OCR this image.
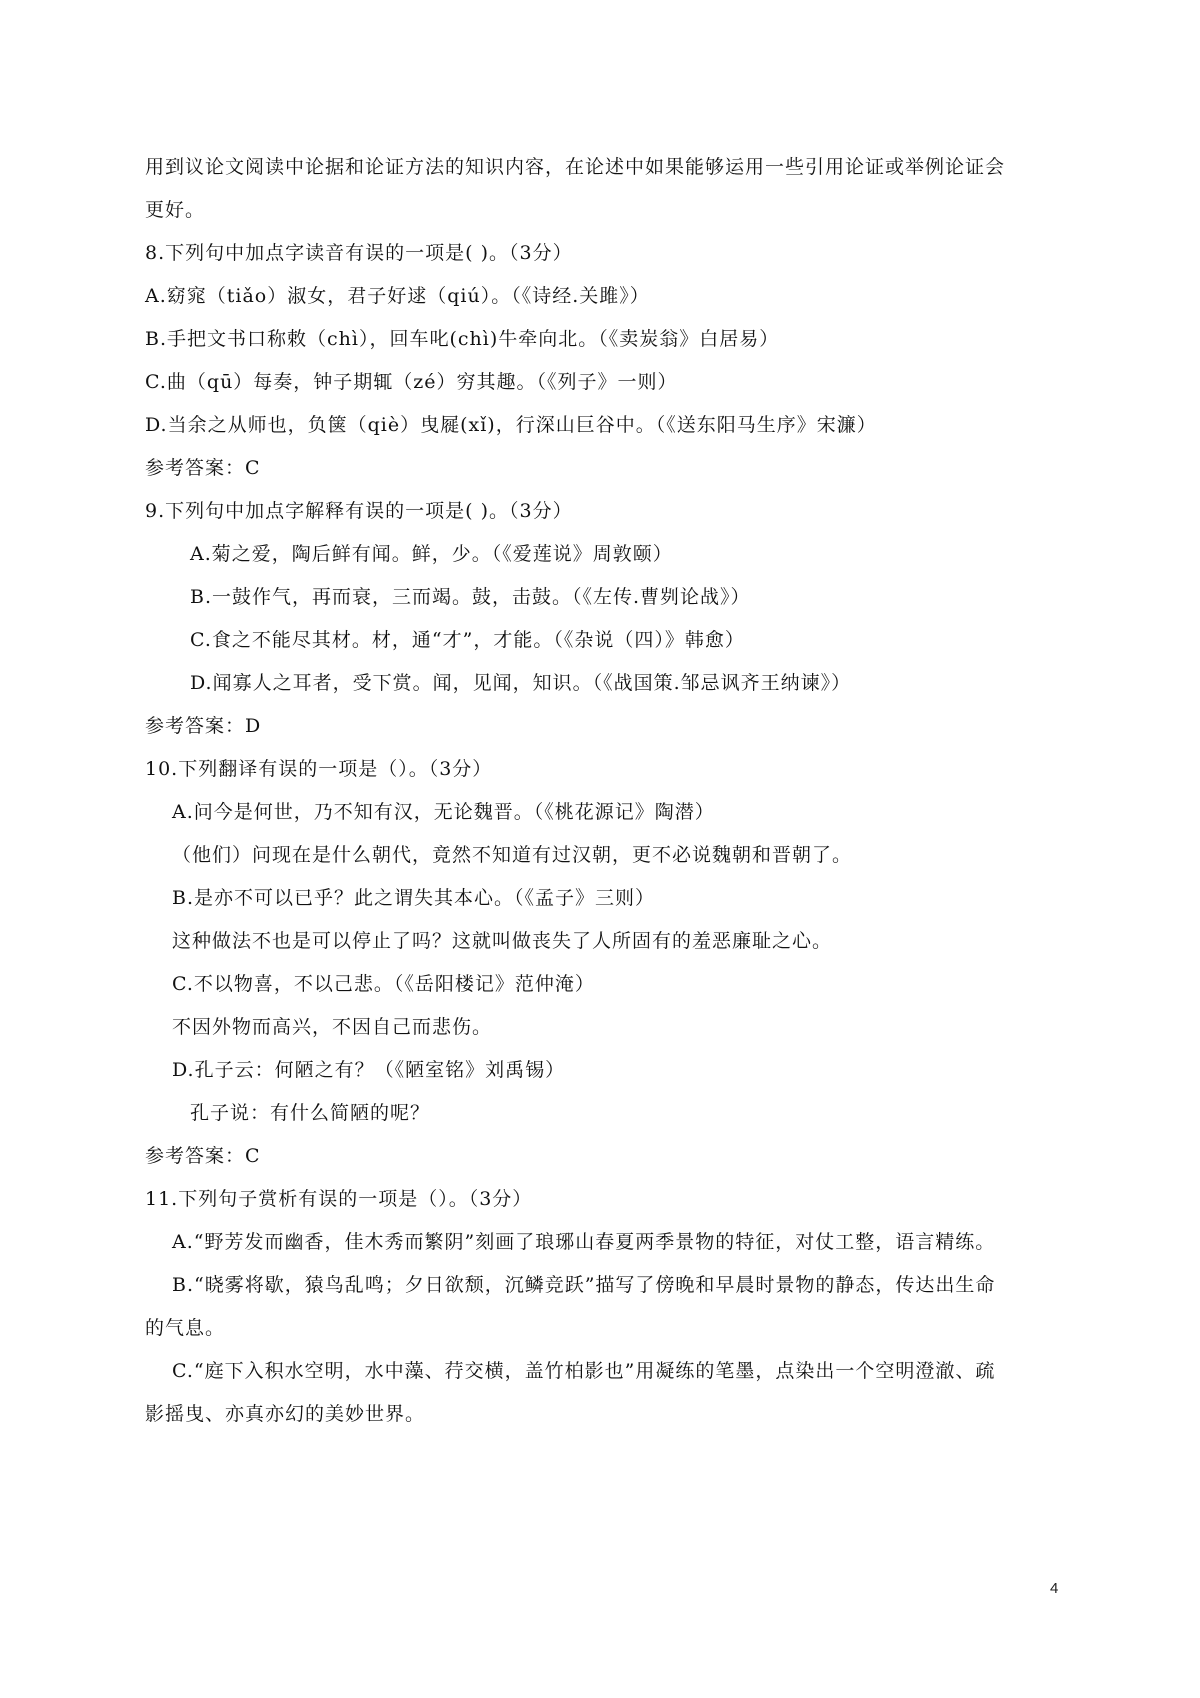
用到议论文阅读中论据和论证方法的知识内容，在论述中如果能够运用一些引用论证或举例论证会
更好。
8.下列句中加点字读音有误的一项是( )。（3分）
A.窈窕（tiǎo）淑女，君子好逑（qiú）。（《诗经.关雎》）
B.手把文书口称敕（chì），回车叱(chì)牛牵向北。（《卖炭翁》白居易）
C.曲（qū）每奏，钟子期辄（zé）穷其趣。（《列子》一则）
D.当余之从师也，负箧（qiè）曳屣(xǐ)，行深山巨谷中。（《送东阳马生序》宋濂）
参考答案：C
9.下列句中加点字解释有误的一项是( )。（3分）
A.菊之爱，陶后鲜有闻。鲜，少。（《爱莲说》周敦颐）
B.一鼓作气，再而衰，三而竭。鼓，击鼓。（《左传.曹刿论战》）
C.食之不能尽其材。材，通“才”，才能。（《杂说（四）》韩愈）
D.闻寡人之耳者，受下赏。闻，见闻，知识。（《战国策.邹忌讽齐王纳谏》）
参考答案：D
10.下列翻译有误的一项是（）。（3分）
A.问今是何世，乃不知有汉，无论魏晋。（《桃花源记》陶潜）
（他们）问现在是什么朝代，竟然不知道有过汉朝，更不必说魏朝和晋朝了。
B.是亦不可以已乎？此之谓失其本心。（《孟子》三则）
这种做法不也是可以停止了吗？这就叫做丧失了人所固有的羞恶廉耻之心。
C.不以物喜，不以己悲。（《岳阳楼记》范仲淹）
不因外物而高兴，不因自己而悲伤。
D.孔子云：何陋之有？（《陋室铭》刘禹锡）
孔子说：有什么简陋的呢？
参考答案：C
11.下列句子赏析有误的一项是（）。（3分）
A.“野芳发而幽香，佳木秀而繁阴”刻画了琅琊山春夏两季景物的特征，对仗工整，语言精练。
B.“晓雾将歇，猿鸟乱鸣；夕日欲颓，沉鳞竞跃”描写了傍晚和早晨时景物的静态，传达出生命
的气息。
C.“庭下入积水空明，水中藻、荇交横，盖竹柏影也”用凝练的笔墨，点染出一个空明澄澈、疏
影摇曳、亦真亦幻的美妙世界。
4
